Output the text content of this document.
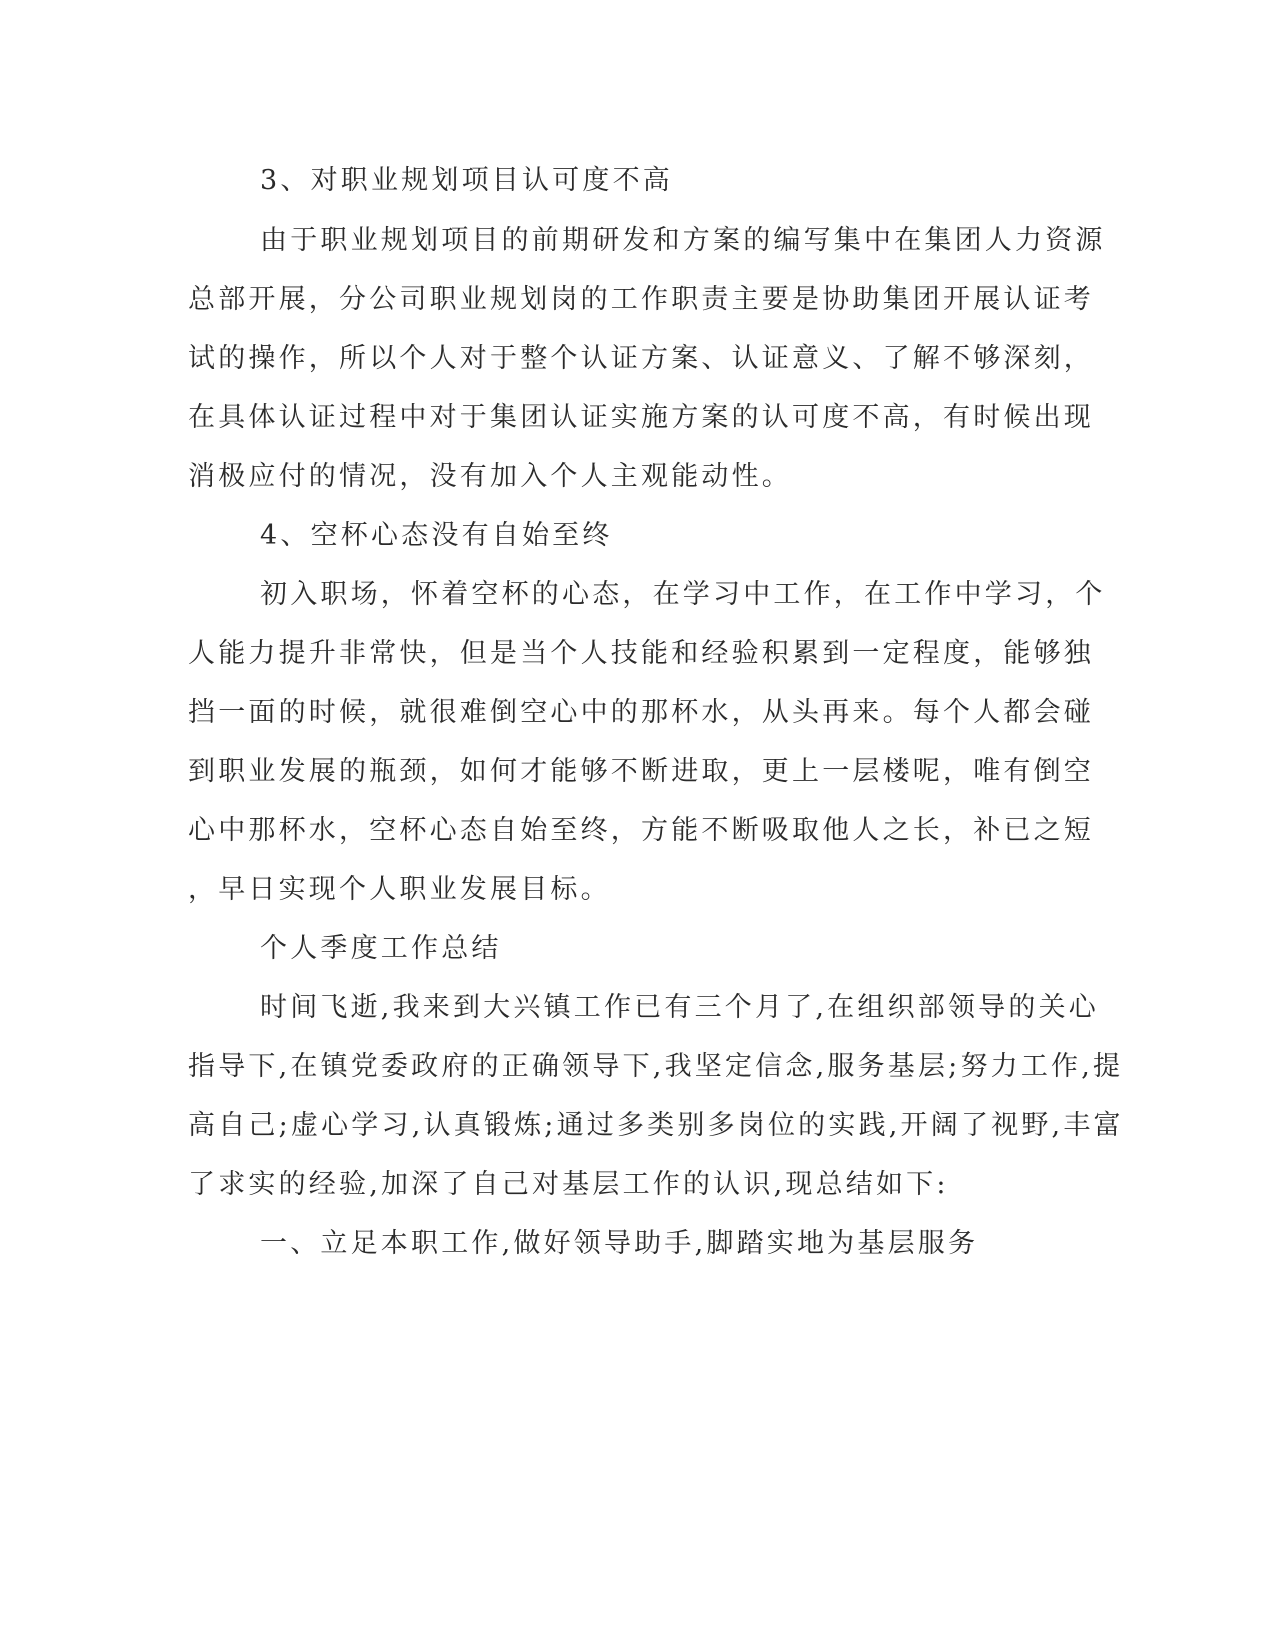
3、对职业规划项目认可度不高
由于职业规划项目的前期研发和方案的编写集中在集团人力资源
总部开展，分公司职业规划岗的工作职责主要是协助集团开展认证考
试的操作，所以个人对于整个认证方案、认证意义、了解不够深刻，
在具体认证过程中对于集团认证实施方案的认可度不高，有时候出现
消极应付的情况，没有加入个人主观能动性。
4、空杯心态没有自始至终
初入职场，怀着空杯的心态，在学习中工作，在工作中学习，个
人能力提升非常快，但是当个人技能和经验积累到一定程度，能够独
挡一面的时候，就很难倒空心中的那杯水，从头再来。每个人都会碰
到职业发展的瓶颈，如何才能够不断进取，更上一层楼呢，唯有倒空
心中那杯水，空杯心态自始至终，方能不断吸取他人之长，补已之短
，早日实现个人职业发展目标。
个人季度工作总结
时间飞逝,我来到大兴镇工作已有三个月了,在组织部领导的关心
指导下,在镇党委政府的正确领导下,我坚定信念,服务基层;努力工作,提
高自己;虚心学习,认真锻炼;通过多类别多岗位的实践,开阔了视野,丰富
了求实的经验,加深了自己对基层工作的认识,现总结如下:
一、立足本职工作,做好领导助手,脚踏实地为基层服务
